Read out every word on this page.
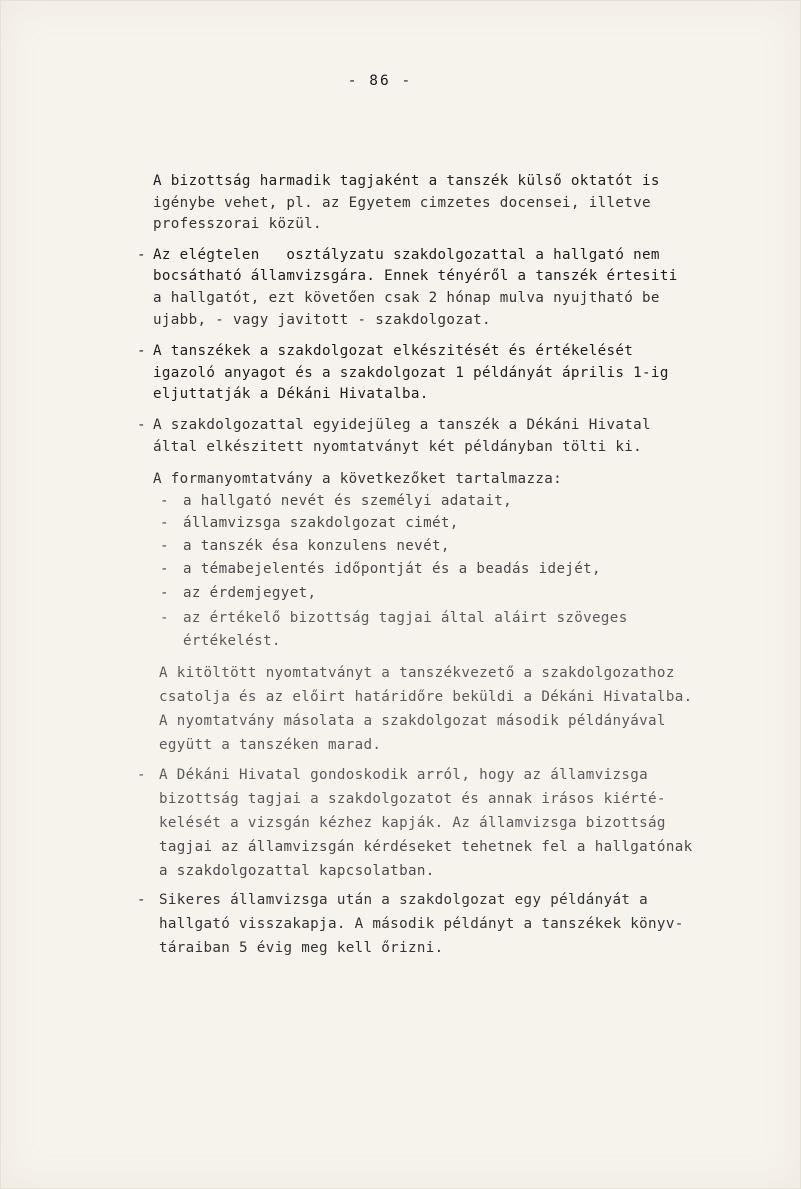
- 86 -
A bizottság harmadik tagjaként a tanszék külső oktatót is
igénybe vehet, pl. az Egyetem cimzetes docensei, illetve
professzorai közül.
- Az elégtelen   osztályzatu szakdolgozattal a hallgató nem
bocsátható államvizsgára. Ennek tényéről a tanszék értesiti
a hallgatót, ezt követően csak 2 hónap mulva nyujtható be
ujabb, - vagy javitott - szakdolgozat.
- A tanszékek a szakdolgozat elkészitését és értékelését
igazoló anyagot és a szakdolgozat 1 példányát április 1-ig
eljuttatják a Dékáni Hivatalba.
- A szakdolgozattal egyidejüleg a tanszék a Dékáni Hivatal
által elkészitett nyomtatványt két példányban tölti ki.
A formanyomtatvány a következőket tartalmazza:
- a hallgató nevét és személyi adatait,
- államvizsga szakdolgozat cimét,
- a tanszék ésa konzulens nevét,
- a témabejelentés időpontját és a beadás idejét,
- az érdemjegyet,
- az értékelő bizottság tagjai által aláirt szöveges
értékelést.
A kitöltött nyomtatványt a tanszékvezető a szakdolgozathoz
csatolja és az előirt határidőre beküldi a Dékáni Hivatalba.
A nyomtatvány másolata a szakdolgozat második példányával
együtt a tanszéken marad.
- A Dékáni Hivatal gondoskodik arról, hogy az államvizsga
bizottság tagjai a szakdolgozatot és annak irásos kiérté-
kelését a vizsgán kézhez kapják. Az államvizsga bizottság
tagjai az államvizsgán kérdéseket tehetnek fel a hallgatónak
a szakdolgozattal kapcsolatban.
- Sikeres államvizsga után a szakdolgozat egy példányát a
hallgató visszakapja. A második példányt a tanszékek könyv-
táraiban 5 évig meg kell őrizni.
